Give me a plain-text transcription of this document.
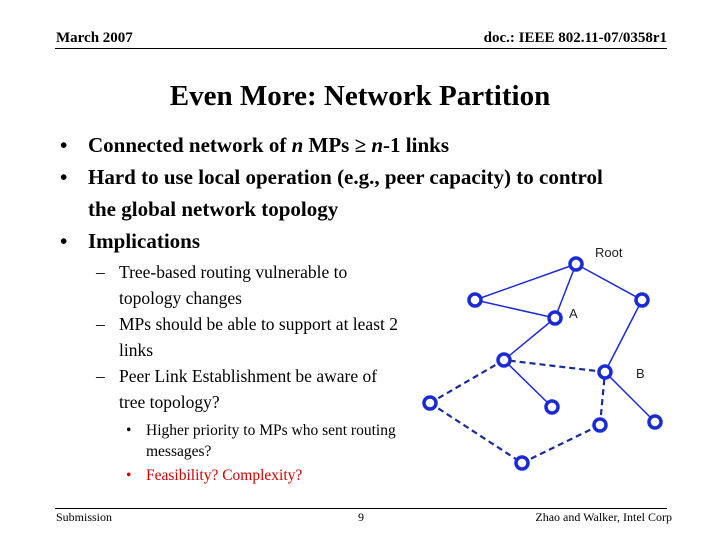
March 2007	doc.: IEEE 802.11-07/0358r1
Even More: Network Partition
• Connected network of n MPs ≥ n-1 links
• Hard to use local operation (e.g., peer capacity) to control
the global network topology
• Implications
– Tree-based routing vulnerable to topology changes
– MPs should be able to support at least 2 links
– Peer Link Establishment be aware of tree topology?
• Higher priority to MPs who sent routing messages?
• Feasibility? Complexity?
Root
A
B
Submission	9	Zhao and Walker, Intel Corp
